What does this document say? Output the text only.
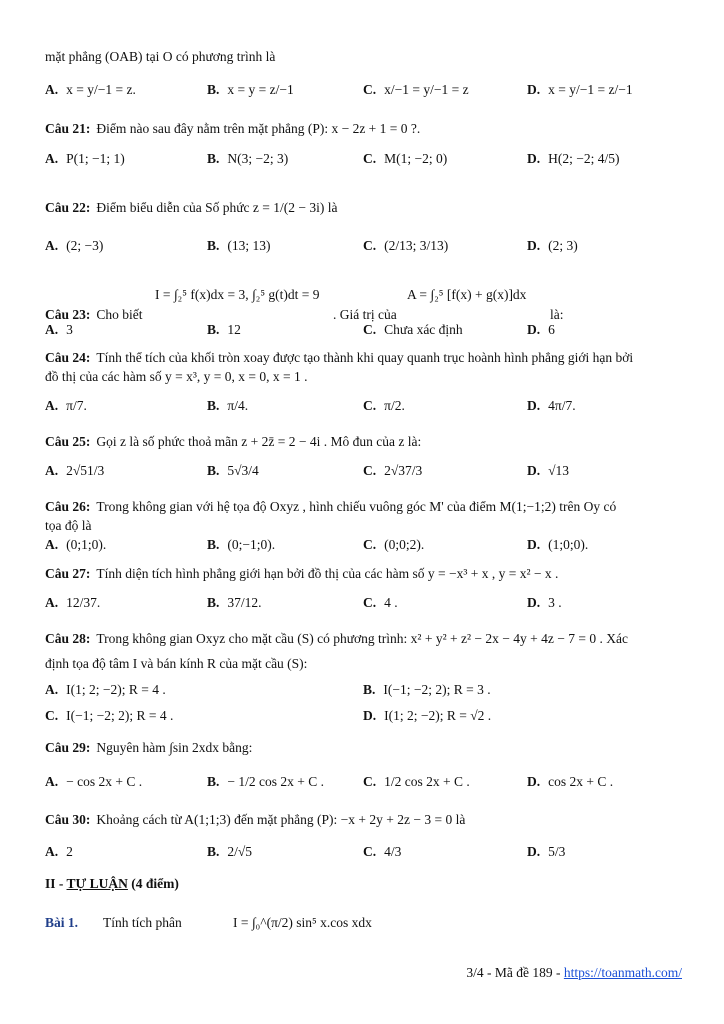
mặt phẳng (OAB) tại O có phương trình là
A. x = y/−1 = z.	B. x = y = z/−1	C. x/−1 = y/−1 = z	D. x = y/−1 = z/−1
Câu 21: Điểm nào sau đây nằm trên mặt phẳng (P): x − 2z + 1 = 0 ?.
A. P(1; −1; 1)	B. N(3; −2; 3)	C. M(1; −2; 0)	D. H(2; −2; 4/5)
Câu 22: Điểm biểu diễn của Số phức z = 1/(2 − 3i) là
A. (2; −3)	B. (13; 13)	C. (2/13; 3/13)	D. (2; 3)
I = ∫₂⁵ f(x)dx = 3, ∫₂⁵ g(t)dt = 9	A = ∫₂⁵ [f(x) + g(x)]dx
Câu 23: Cho biết	. Giá trị của	là:
A. 3	B. 12	C. Chưa xác định	D. 6
Câu 24: Tính thể tích của khối tròn xoay được tạo thành khi quay quanh trục hoành hình phẳng giới hạn bởi
đồ thị của các hàm số y = x³, y = 0, x = 0, x = 1 .
A. π/7.	B. π/4.	C. π/2.	D. 4π/7.
Câu 25: Gọi z là số phức thoả mãn z + 2z̄ = 2 − 4i . Mô đun của z là:
A. 2√51/3	B. 5√3/4	C. 2√37/3	D. √13
Câu 26: Trong không gian với hệ tọa độ Oxyz , hình chiếu vuông góc M' của điểm M(1;−1;2) trên Oy có
tọa độ là
A. (0;1;0).	B. (0;−1;0).	C. (0;0;2).	D. (1;0;0).
Câu 27: Tính diện tích hình phẳng giới hạn bởi đồ thị của các hàm số y = −x³ + x , y = x² − x .
A. 12/37.	B. 37/12.	C. 4 .	D. 3 .
Câu 28: Trong không gian Oxyz cho mặt cầu (S) có phương trình: x² + y² + z² − 2x − 4y + 4z − 7 = 0 . Xác
định tọa độ tâm I và bán kính R của mặt cầu (S):
A. I(1; 2; −2); R = 4 .	B. I(−1; −2; 2); R = 3 .
C. I(−1; −2; 2); R = 4 .	D. I(1; 2; −2); R = √2 .
Câu 29: Nguyên hàm ∫sin 2xdx bằng:
A. − cos 2x + C .	B. − 1/2 cos 2x + C .	C. 1/2 cos 2x + C .	D. cos 2x + C .
Câu 30: Khoảng cách từ A(1;1;3) đến mặt phẳng (P): −x + 2y + 2z − 3 = 0 là
A. 2	B. 2/√5	C. 4/3	D. 5/3
II - TỰ LUẬN (4 điểm)
Bài 1. Tính tích phân	I = ∫₀^(π/2) sin⁵ x.cos xdx
3/4 - Mã đề 189 - https://toanmath.com/
